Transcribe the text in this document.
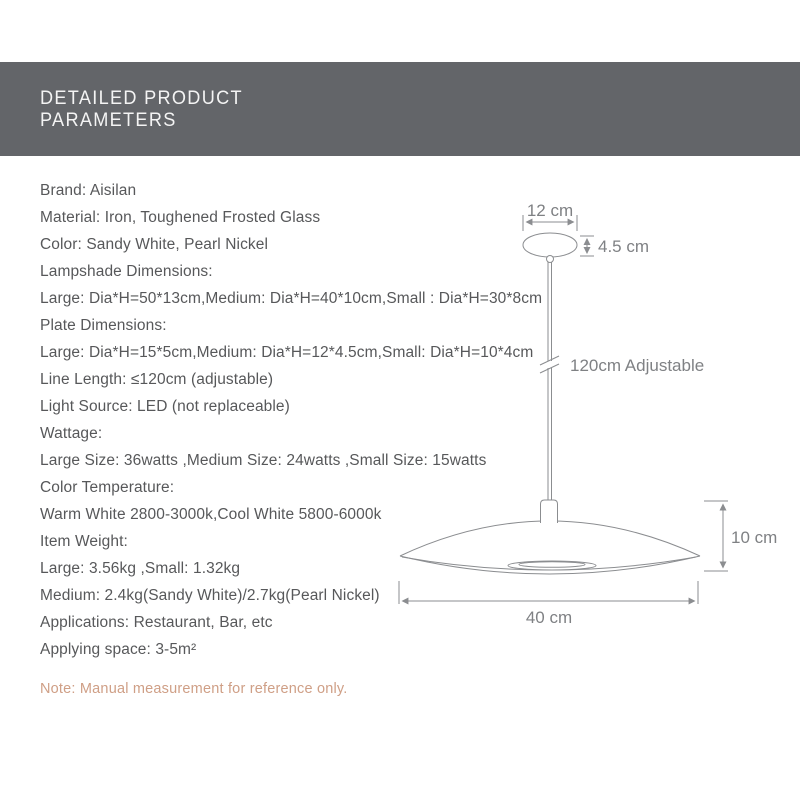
DETAILED PRODUCT
PARAMETERS
Brand: Aisilan
Material: Iron, Toughened Frosted Glass
Color: Sandy White, Pearl Nickel
Lampshade Dimensions:
Large: Dia*H=50*13cm,Medium: Dia*H=40*10cm,Small : Dia*H=30*8cm
Plate Dimensions:
Large: Dia*H=15*5cm,Medium: Dia*H=12*4.5cm,Small: Dia*H=10*4cm
Line Length: ≤120cm (adjustable)
Light Source: LED (not replaceable)
Wattage:
Large Size: 36watts ,Medium Size: 24watts ,Small Size: 15watts
Color Temperature:
Warm White 2800-3000k,Cool White 5800-6000k
Item Weight:
Large: 3.56kg ,Small: 1.32kg
Medium: 2.4kg(Sandy White)/2.7kg(Pearl Nickel)
Applications: Restaurant, Bar, etc
Applying space: 3-5m²
Note: Manual measurement for reference only.
12 cm
4.5 cm
120cm Adjustable
10 cm
40 cm
